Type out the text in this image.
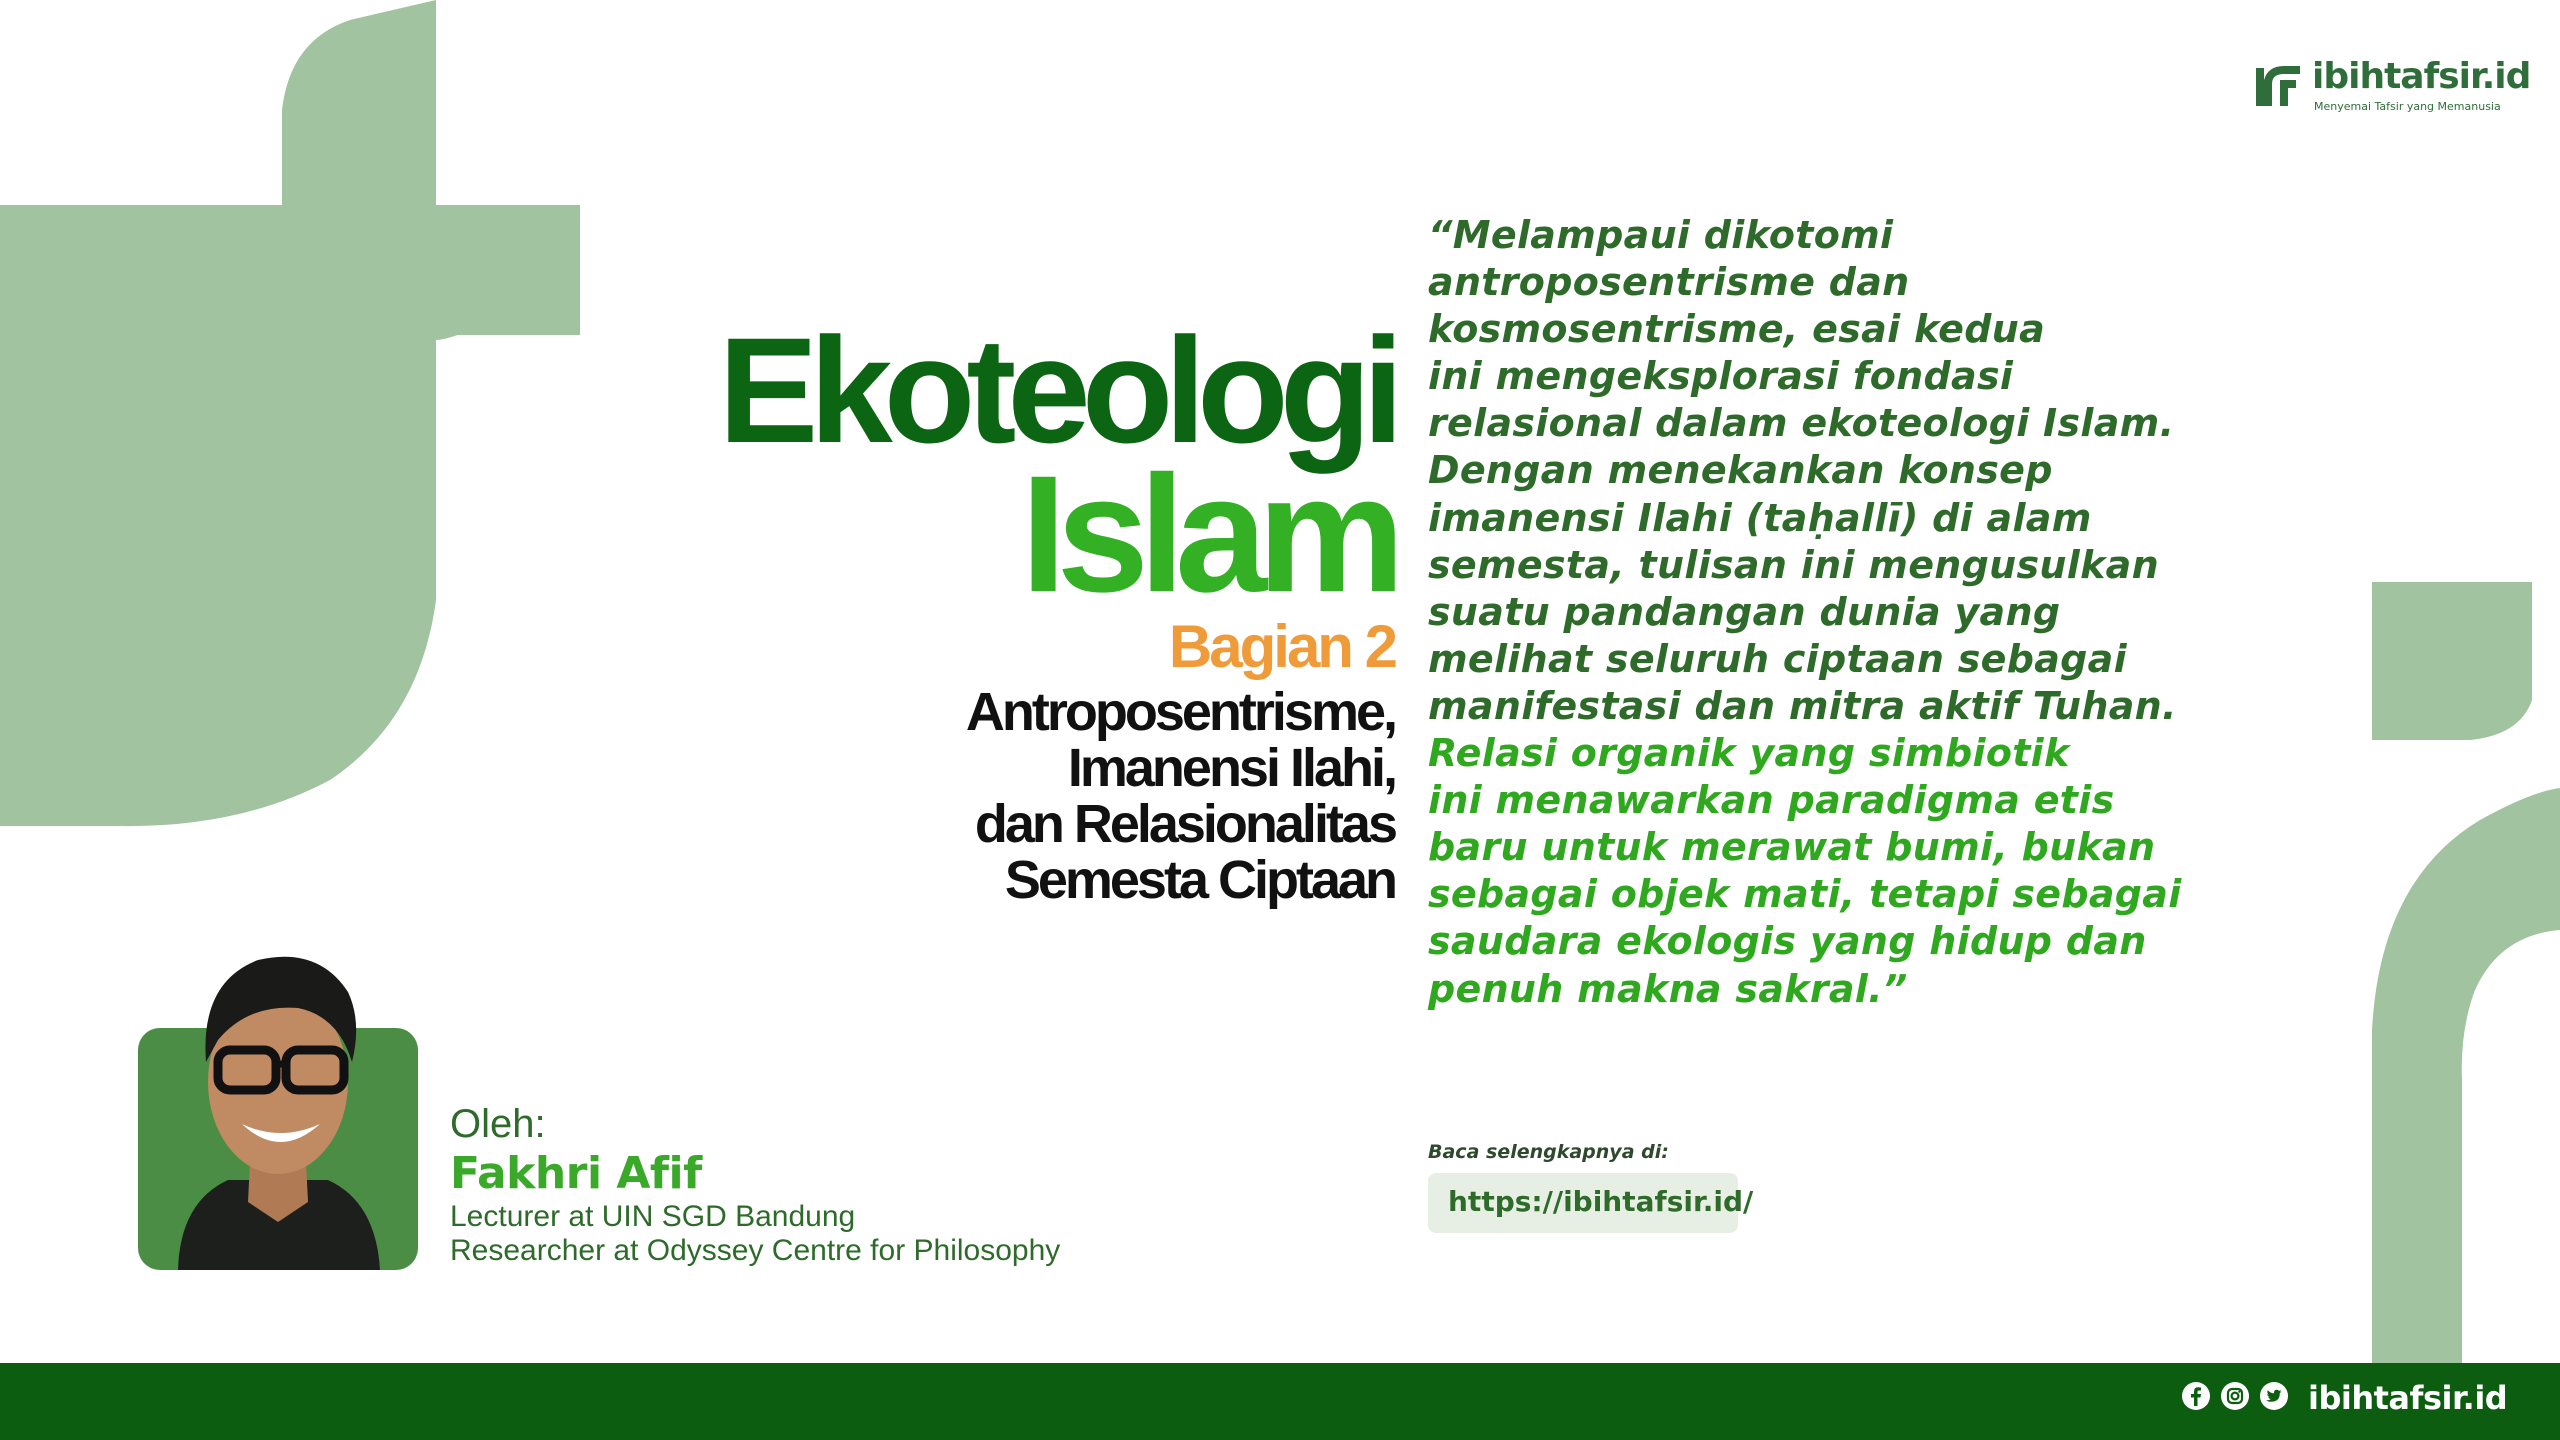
ibihtafsir.id
Menyemai Tafsir yang Memanusia
Ekoteologi
Islam
Bagian 2
Antroposentrisme,
Imanensi Ilahi,
dan Relasionalitas
Semesta Ciptaan
“Melampaui dikotomi
antroposentrisme dan
kosmosentrisme, esai kedua
ini mengeksplorasi fondasi
relasional dalam ekoteologi Islam.
Dengan menekankan konsep
imanensi Ilahi (taḥallī) di alam
semesta, tulisan ini mengusulkan
suatu pandangan dunia yang
melihat seluruh ciptaan sebagai
manifestasi dan mitra aktif Tuhan.
Relasi organik yang simbiotik
ini menawarkan paradigma etis
baru untuk merawat bumi, bukan
sebagai objek mati, tetapi sebagai
saudara ekologis yang hidup dan
penuh makna sakral.”
Oleh:
Fakhri Afif
Lecturer at UIN SGD Bandung
Researcher at Odyssey Centre for Philosophy
Baca selengkapnya di:
https://ibihtafsir.id/
ibihtafsir.id
